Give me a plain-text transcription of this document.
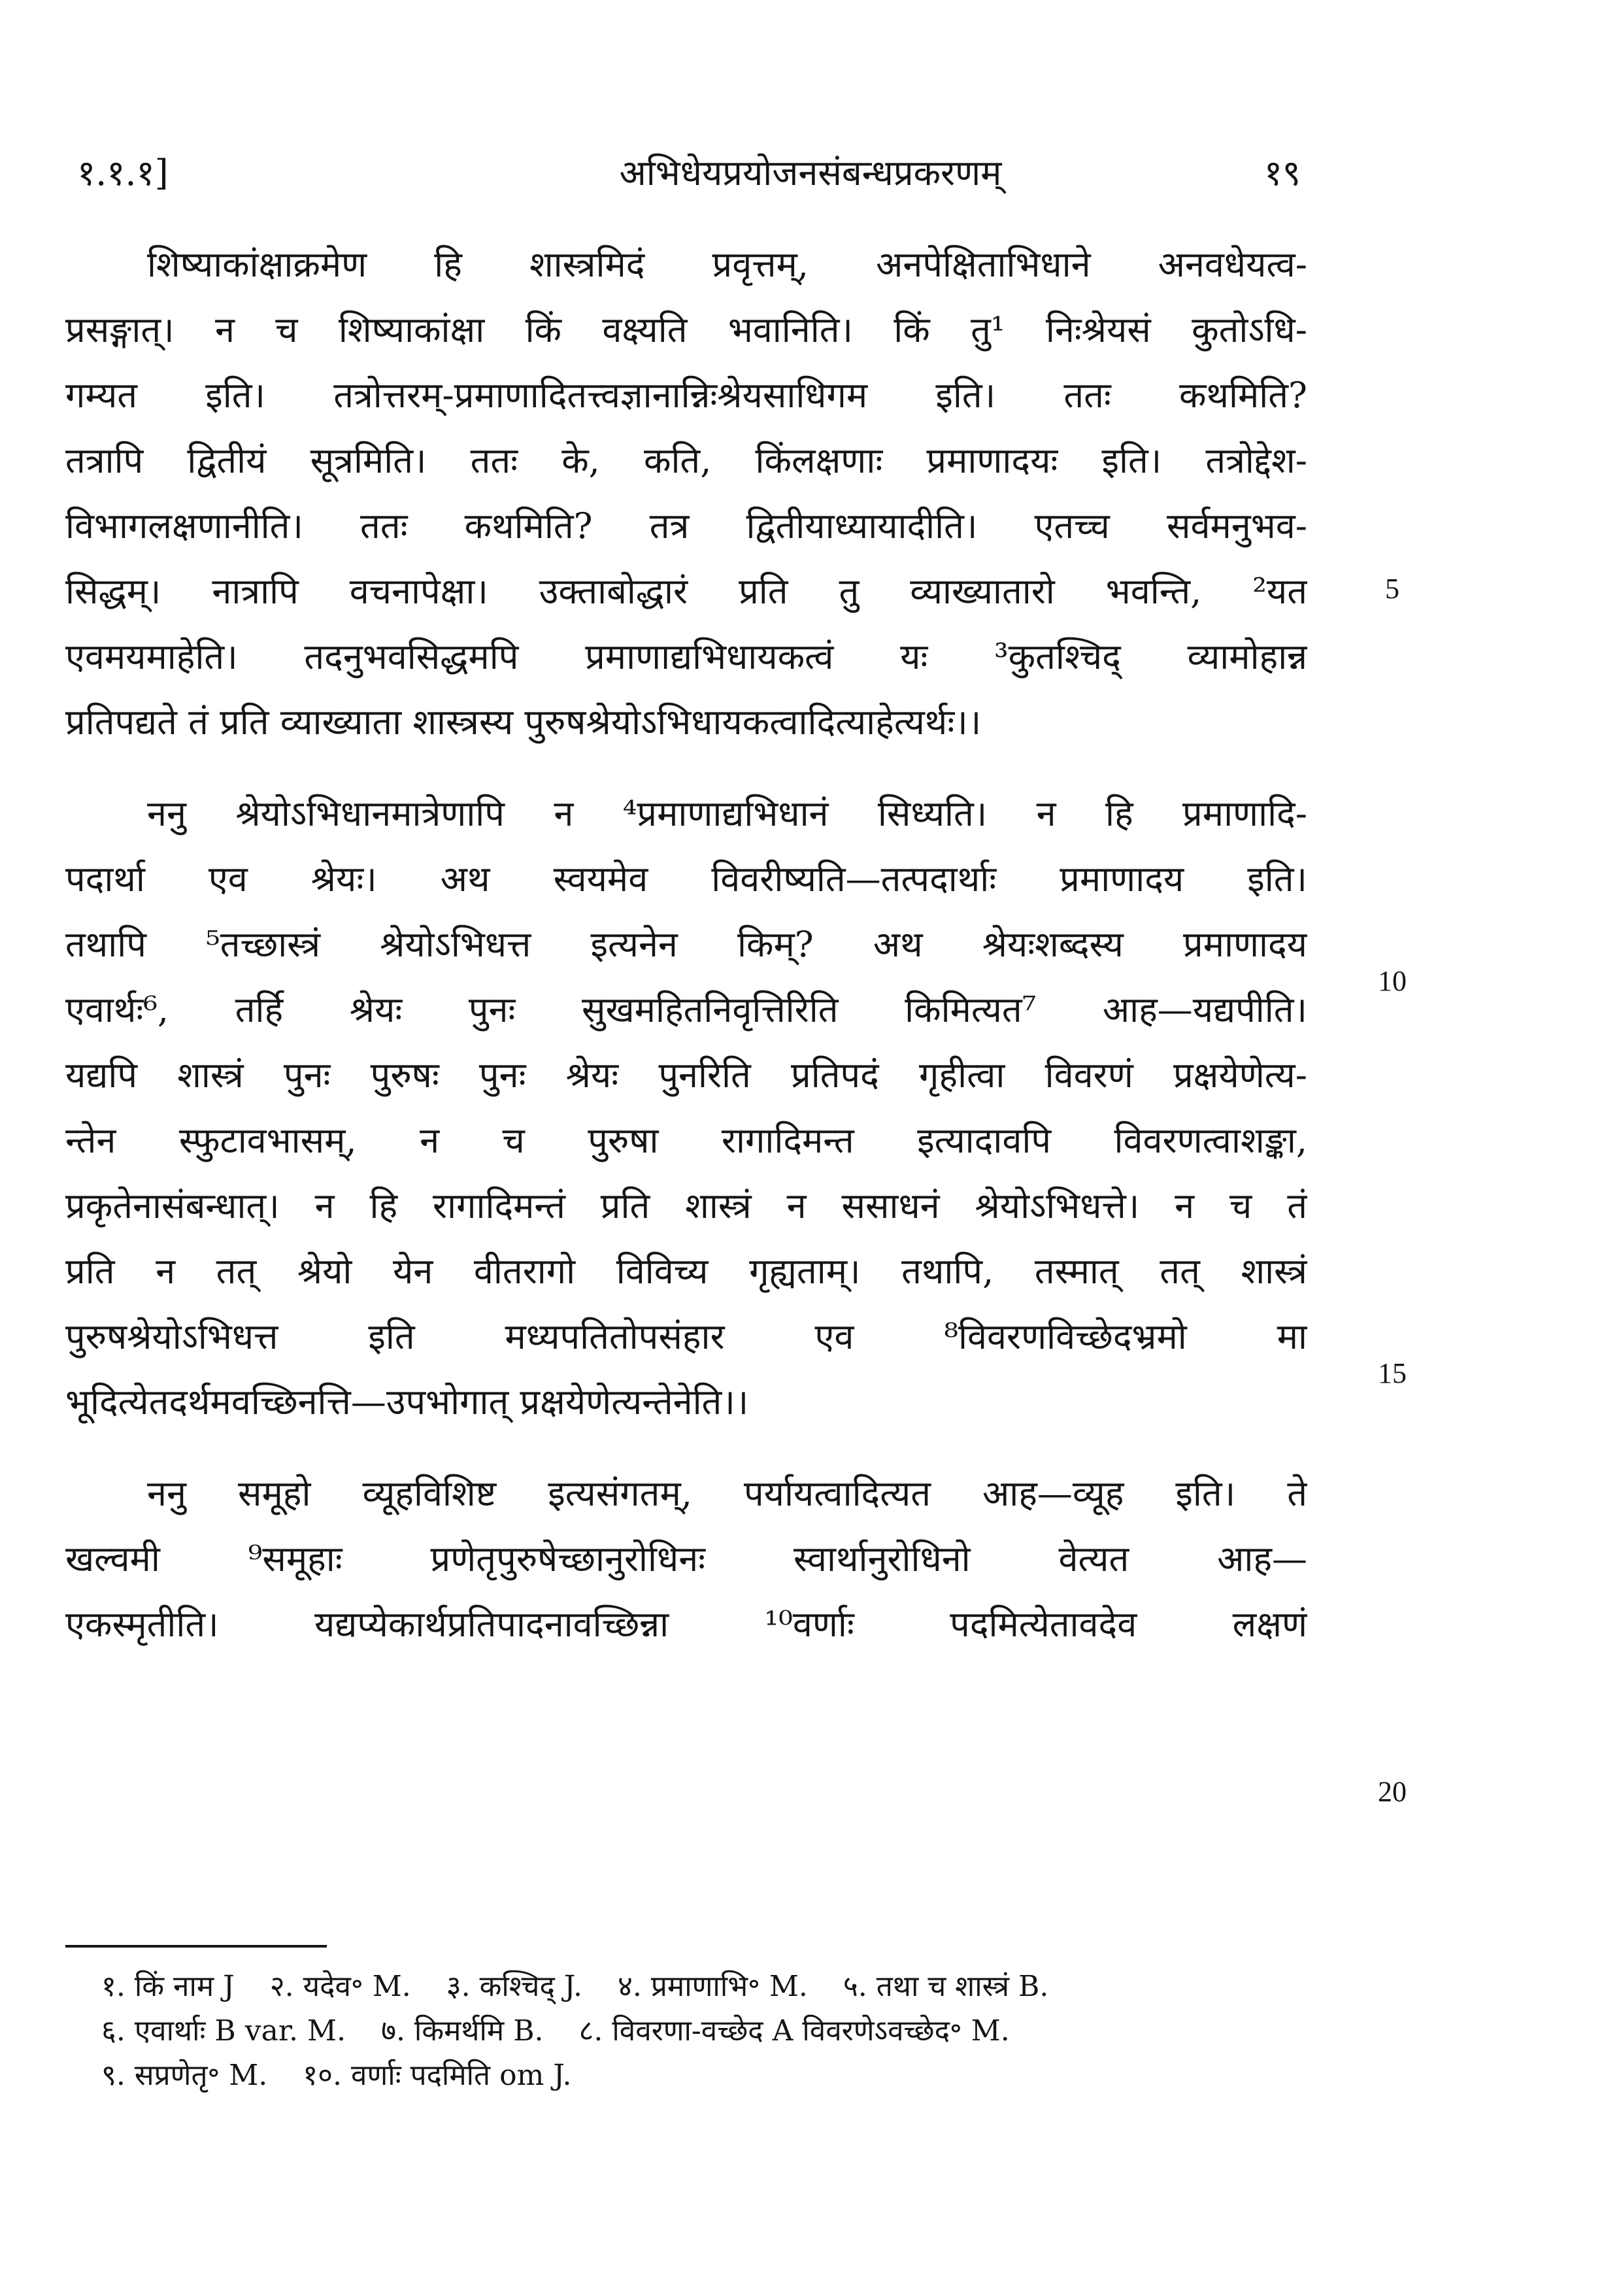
१.१.१]	अभिधेयप्रयोजनसंबन्धप्रकरणम्	१९
शिष्याकांक्षाक्रमेण हि शास्त्रमिदं प्रवृत्तम्, अनपेक्षिताभिधाने अनवधेयत्व-
प्रसङ्गात्। न च शिष्याकांक्षा किं वक्ष्यति भवानिति। किं तु¹ निःश्रेयसं कुतोऽधि-
गम्यत इति। तत्रोत्तरम्-प्रमाणादितत्त्वज्ञानान्निःश्रेयसाधिगम इति। ततः कथमिति?
तत्रापि द्वितीयं सूत्रमिति। ततः के, कति, किंलक्षणाः प्रमाणादयः इति। तत्रोद्देश-
विभागलक्षणानीति। ततः कथमिति? तत्र द्वितीयाध्यायादीति। एतच्च सर्वमनुभव-
सिद्धम्। नात्रापि वचनापेक्षा। उक्ताबोद्धारं प्रति तु व्याख्यातारो भवन्ति, ²यत
एवमयमाहेति। तदनुभवसिद्धमपि प्रमाणाद्यभिधायकत्वं यः ³कुतश्चिद् व्यामोहान्न
प्रतिपद्यते तं प्रति व्याख्याता शास्त्रस्य पुरुषश्रेयोऽभिधायकत्वादित्याहेत्यर्थः।।
ननु श्रेयोऽभिधानमात्रेणापि न ⁴प्रमाणाद्यभिधानं सिध्यति। न हि प्रमाणादि-
पदार्था एव श्रेयः। अथ स्वयमेव विवरीष्यति—तत्पदार्थाः प्रमाणादय इति।
तथापि ⁵तच्छास्त्रं श्रेयोऽभिधत्त इत्यनेन किम्? अथ श्रेयःशब्दस्य प्रमाणादय
एवार्थः⁶, तर्हि श्रेयः पुनः सुखमहितनिवृत्तिरिति किमित्यत⁷ आह—यद्यपीति।
यद्यपि शास्त्रं पुनः पुरुषः पुनः श्रेयः पुनरिति प्रतिपदं गृहीत्वा विवरणं प्रक्षयेणेत्य-
न्तेन स्फुटावभासम्, न च पुरुषा रागादिमन्त इत्यादावपि विवरणत्वाशङ्का,
प्रकृतेनासंबन्धात्। न हि रागादिमन्तं प्रति शास्त्रं न ससाधनं श्रेयोऽभिधत्ते। न च तं
प्रति न तत् श्रेयो येन वीतरागो विविच्य गृह्यताम्। तथापि, तस्मात् तत् शास्त्रं
पुरुषश्रेयोऽभिधत्त इति मध्यपतितोपसंहार एव ⁸विवरणविच्छेदभ्रमो मा
भूदित्येतदर्थमवच्छिनत्ति—उपभोगात् प्रक्षयेणेत्यन्तेनेति।।
ननु समूहो व्यूहविशिष्ट इत्यसंगतम्, पर्यायत्वादित्यत आह—व्यूह इति। ते
खल्वमी ⁹समूहाः प्रणेतृपुरुषेच्छानुरोधिनः स्वार्थानुरोधिनो वेत्यत आह—
एकस्मृतीति। यद्यप्येकार्थप्रतिपादनावच्छिन्ना ¹⁰वर्णाः पदमित्येतावदेव लक्षणं
5
10
15
20
१. किं नाम J २. यदेव॰ M. ३. कश्चिद् J. ४. प्रमाणाभि॰ M. ५. तथा च शास्त्रं B.
६. एवार्थाः B var. M. ७. किमर्थमि B. ८. विवरणा-वच्छेद A विवरणेऽवच्छेद॰ M.
९. सप्रणेतृ॰ M. १०. वर्णाः पदमिति om J.
